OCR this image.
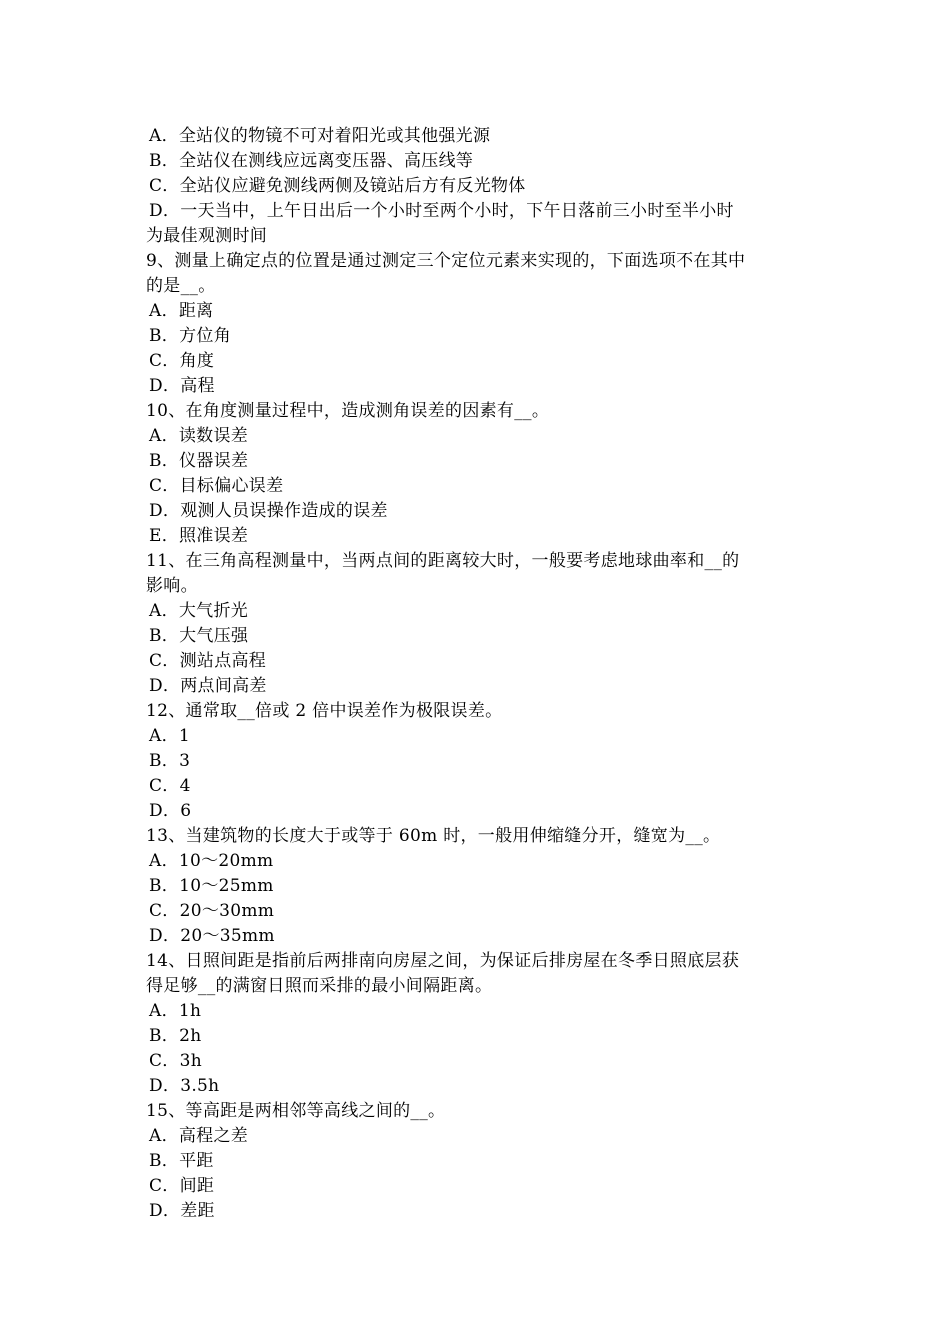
A．全站仪的物镜不可对着阳光或其他强光源
B．全站仪在测线应远离变压器、高压线等
C．全站仪应避免测线两侧及镜站后方有反光物体
D．一天当中，上午日出后一个小时至两个小时，下午日落前三小时至半小时
为最佳观测时间
9、测量上确定点的位置是通过测定三个定位元素来实现的，下面选项不在其中
的是__。
A．距离
B．方位角
C．角度
D．高程
10、在角度测量过程中，造成测角误差的因素有__。
A．读数误差
B．仪器误差
C．目标偏心误差
D．观测人员误操作造成的误差
E．照准误差
11、在三角高程测量中，当两点间的距离较大时，一般要考虑地球曲率和__的
影响。
A．大气折光
B．大气压强
C．测站点高程
D．两点间高差
12、通常取__倍或 2 倍中误差作为极限误差。
A．1
B．3
C．4
D．6
13、当建筑物的长度大于或等于 60m 时，一般用伸缩缝分开，缝宽为__。
A．10～20mm
B．10～25mm
C．20～30mm
D．20～35mm
14、日照间距是指前后两排南向房屋之间，为保证后排房屋在冬季日照底层获
得足够__的满窗日照而采排的最小间隔距离。
A．1h
B．2h
C．3h
D．3.5h
15、等高距是两相邻等高线之间的__。
A．高程之差
B．平距
C．间距
D．差距
